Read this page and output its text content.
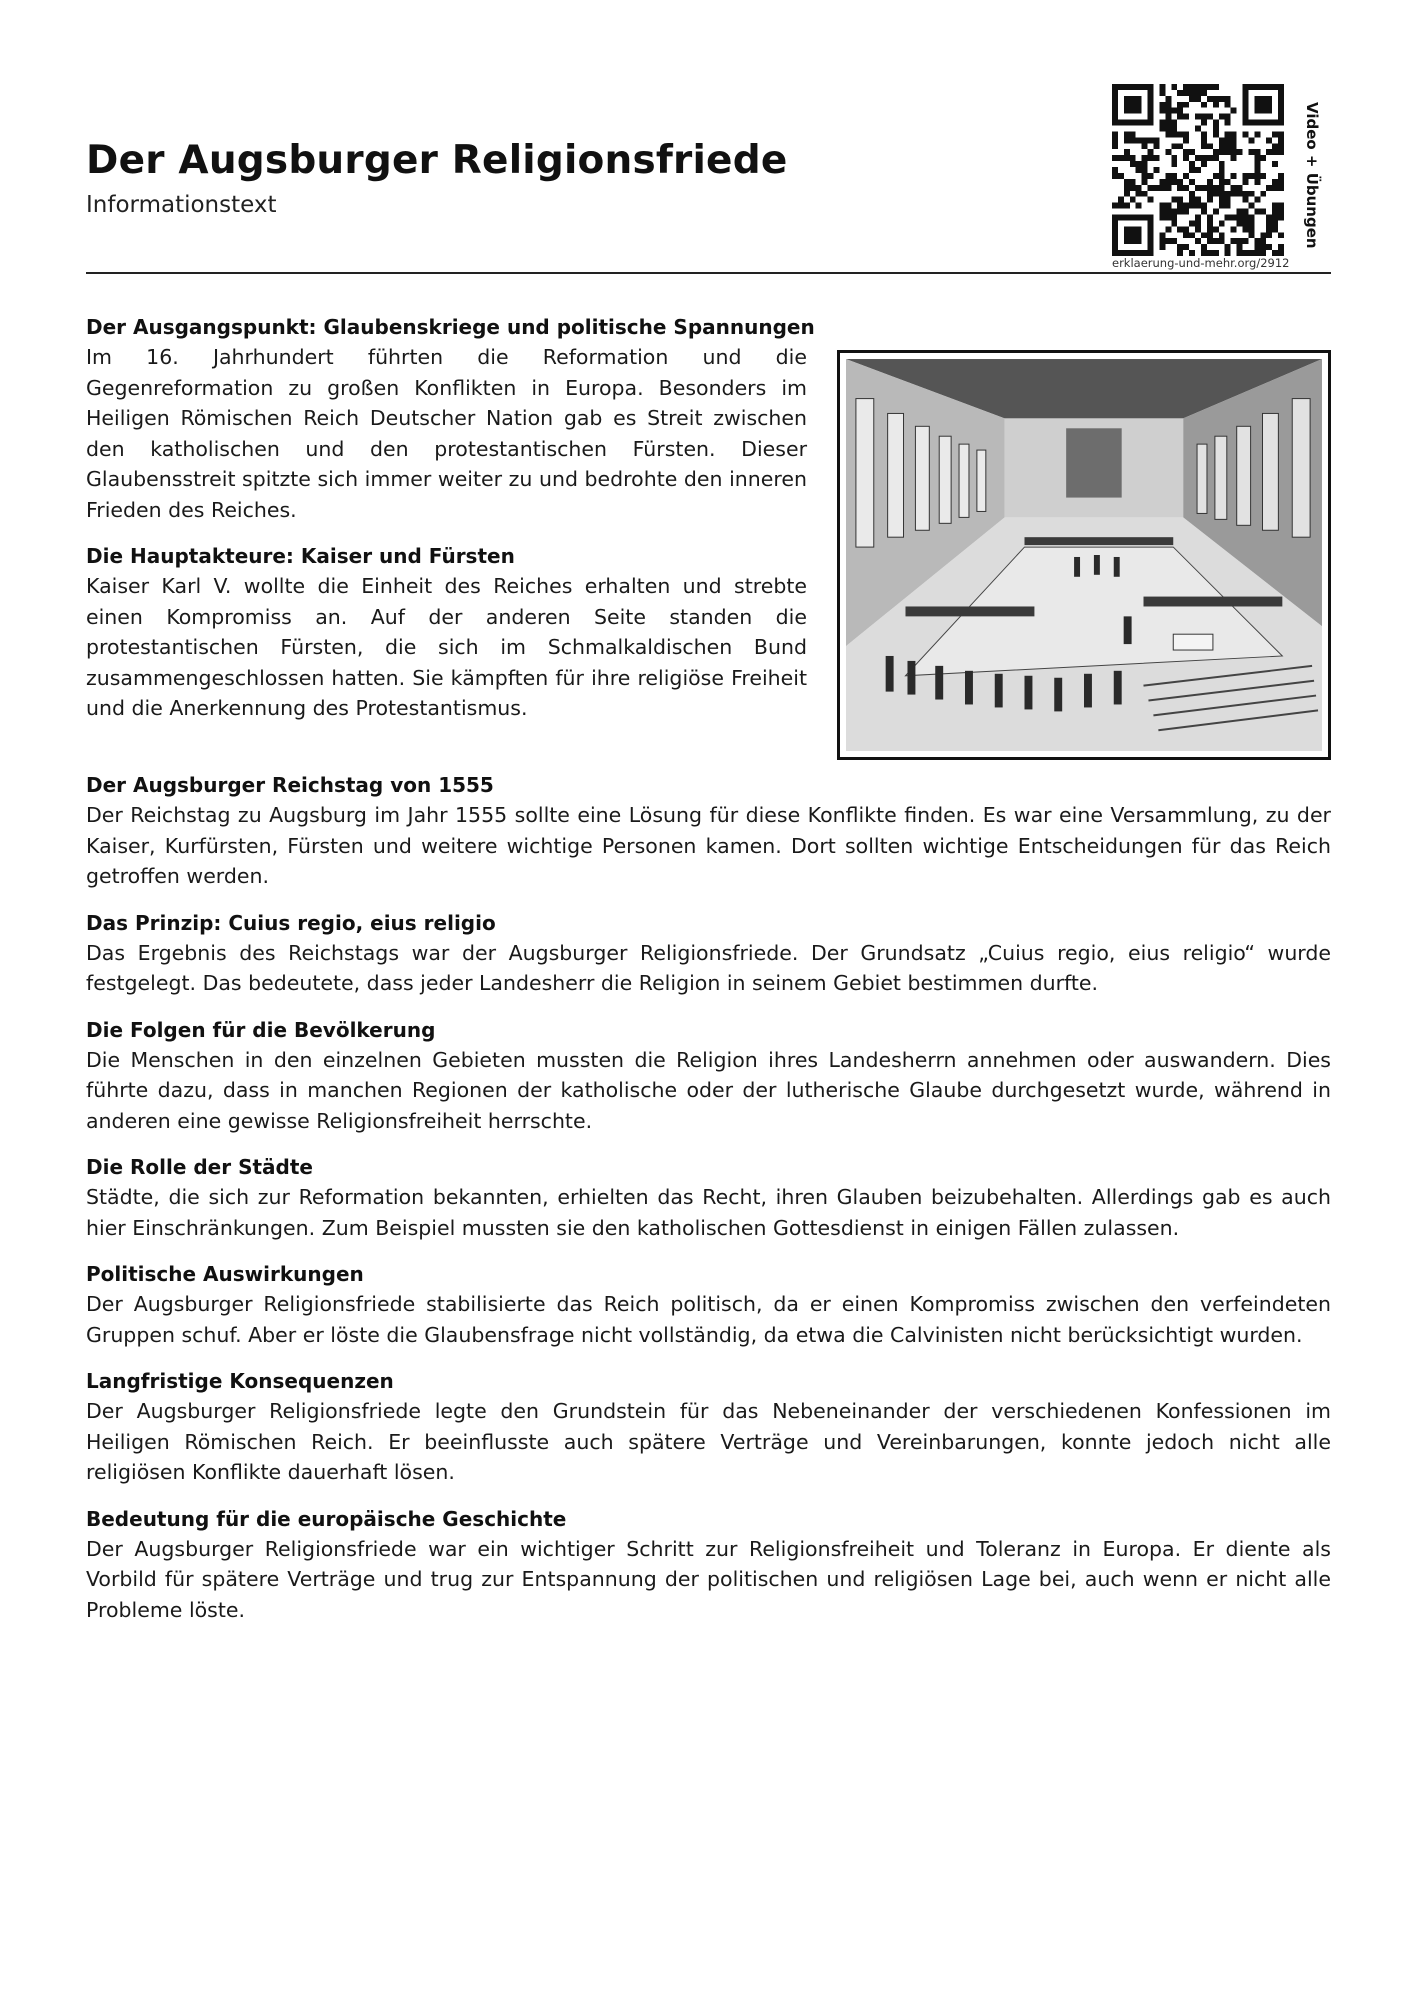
Der Augsburger Religionsfriede
Informationstext
erklaerung-und-mehr.org/2912
Video + Übungen
Der Ausgangspunkt: Glaubenskriege und politische Spannungen

Im 16. Jahrhundert führten die Reformation und die Gegenreformation zu großen Konflikten in Europa. Besonders im Heiligen Römischen Reich Deutscher Nation gab es Streit zwischen den katholischen und den protestantischen Fürsten. Dieser Glaubensstreit spitzte sich immer weiter zu und bedrohte den inneren Frieden des Reiches.

Die Hauptakteure: Kaiser und Fürsten

Kaiser Karl V. wollte die Einheit des Reiches erhalten und strebte einen Kompromiss an. Auf der anderen Seite standen die protestantischen Fürsten, die sich im Schmalkaldischen Bund zusammengeschlossen hatten. Sie kämpften für ihre religiöse Freiheit und die Anerkennung des Protestantismus.

Der Augsburger Reichstag von 1555

Der Reichstag zu Augsburg im Jahr 1555 sollte eine Lösung für diese Konflikte finden. Es war eine Versammlung, zu der Kaiser, Kurfürsten, Fürsten und weitere wichtige Personen kamen. Dort sollten wichtige Entscheidungen für das Reich getroffen werden.

Das Prinzip: Cuius regio, eius religio

Das Ergebnis des Reichstags war der Augsburger Religionsfriede. Der Grundsatz „Cuius regio, eius religio“ wurde festgelegt. Das bedeutete, dass jeder Landesherr die Religion in seinem Gebiet bestimmen durfte.

Die Folgen für die Bevölkerung

Die Menschen in den einzelnen Gebieten mussten die Religion ihres Landesherrn annehmen oder auswandern. Dies führte dazu, dass in manchen Regionen der katholische oder der lutherische Glaube durchgesetzt wurde, während in anderen eine gewisse Religionsfreiheit herrschte.

Die Rolle der Städte

Städte, die sich zur Reformation bekannten, erhielten das Recht, ihren Glauben beizubehalten. Allerdings gab es auch hier Einschränkungen. Zum Beispiel mussten sie den katholischen Gottesdienst in einigen Fällen zulassen.

Politische Auswirkungen

Der Augsburger Religionsfriede stabilisierte das Reich politisch, da er einen Kompromiss zwischen den verfeindeten Gruppen schuf. Aber er löste die Glaubensfrage nicht vollständig, da etwa die Calvinisten nicht berücksichtigt wurden.

Langfristige Konsequenzen

Der Augsburger Religionsfriede legte den Grundstein für das Nebeneinander der verschiedenen Konfessionen im Heiligen Römischen Reich. Er beeinflusste auch spätere Verträge und Vereinbarungen, konnte jedoch nicht alle religiösen Konflikte dauerhaft lösen.

Bedeutung für die europäische Geschichte

Der Augsburger Religionsfriede war ein wichtiger Schritt zur Religionsfreiheit und Toleranz in Europa. Er diente als Vorbild für spätere Verträge und trug zur Entspannung der politischen und religiösen Lage bei, auch wenn er nicht alle Probleme löste.
